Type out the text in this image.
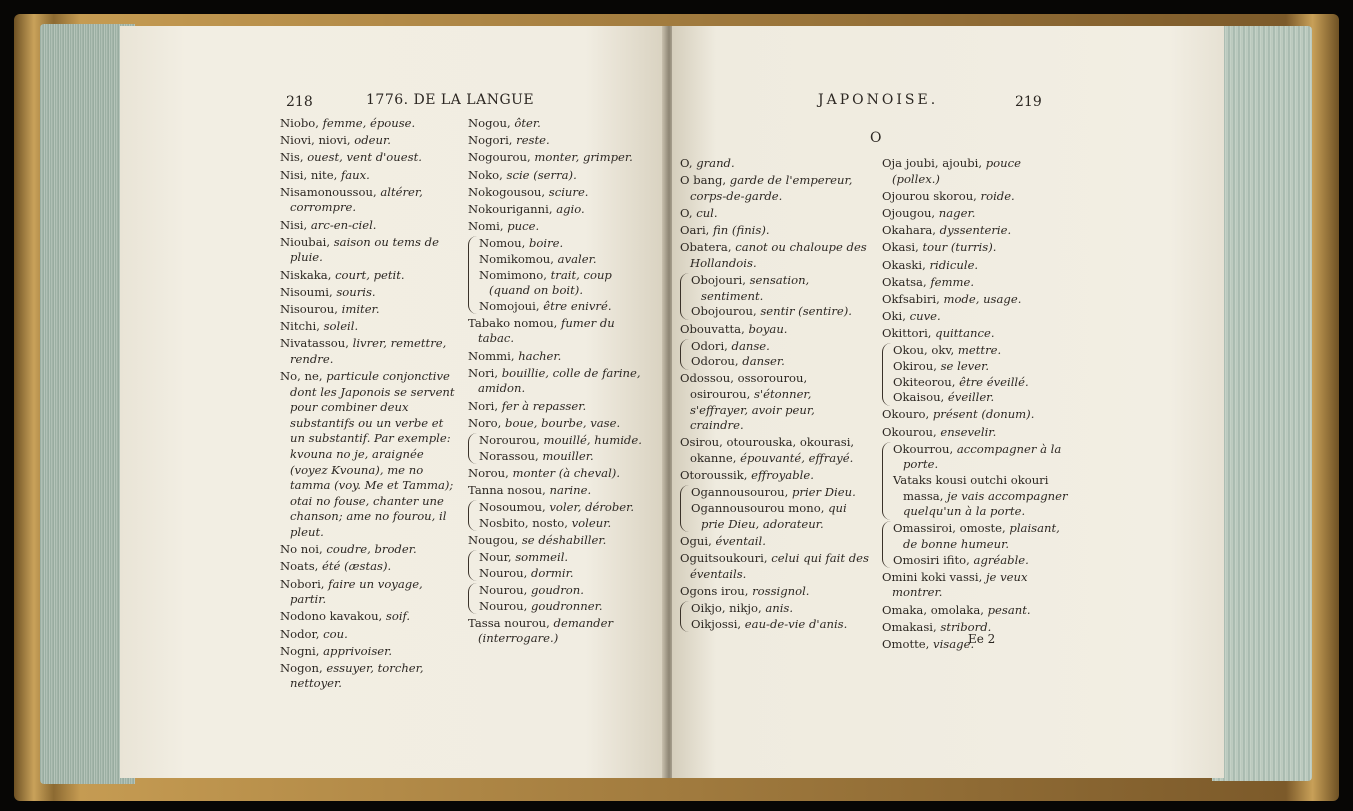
218	1776. DE LA LANGUE
Niobo, femme, épouse.
Niovi, niovi, odeur.
Nis, ouest, vent d'ouest.
Nisi, nite, faux.
Nisamonoussou, altérer, corrompre.
Nisi, arc-en-ciel.
Nioubai, saison ou tems de pluie.
Niskaka, court, petit.
Nisoumi, souris.
Nisourou, imiter.
Nitchi, soleil.
Nivatassou, livrer, remettre, rendre.
No, ne, particule conjonctive dont les Japonois se servent pour combiner deux substantifs ou un verbe et un substantif. Par exemple: kvouna no je, araignée (voyez Kvouna), me no tamma (voy. Me et Tamma); otai no fouse, chanter une chanson; ame no fourou, il pleut.
No noi, coudre, broder.
Noats, été (æstas).
Nobori, faire un voyage, partir.
Nodono kavakou, soif.
Nodor, cou.
Nogni, apprivoiser.
Nogon, essuyer, torcher, nettoyer.
Nogou, ôter.
Nogori, reste.
Nogourou, monter, grimper.
Noko, scie (serra).
Nokogousou, sciure.
Nokouriganni, agio.
Nomi, puce.
Nomou, boire.
Nomikomou, avaler.
Nomimono, trait, coup (quand on boit).
Nomojoui, être enivré.
Tabako nomou, fumer du tabac.
Nommi, hacher.
Nori, bouillie, colle de farine, amidon.
Nori, fer à repasser.
Noro, boue, bourbe, vase.
Norourou, mouillé, humide.
Norassou, mouiller.
Norou, monter (à cheval).
Tanna nosou, narine.
Nosoumou, voler, dérober.
Nosbito, nosto, voleur.
Nougou, se déshabiller.
Nour, sommeil.
Nourou, dormir.
Nourou, goudron.
Nourou, goudronner.
Tassa nourou, demander (interrogare.)
JAPONOISE.	219
O
O, grand.
O bang, garde de l'empereur, corps-de-garde.
O, cul.
Oari, fin (finis).
Obatera, canot ou chaloupe des Hollandois.
Obojouri, sensation, sentiment.
Obojourou, sentir (sentire).
Obouvatta, boyau.
Odori, danse.
Odorou, danser.
Odossou, ossorourou, osirourou, s'étonner, s'effrayer, avoir peur, craindre.
Osirou, otourouska, okourasi, okanne, épouvanté, effrayé.
Otoroussik, effroyable.
Ogannousourou, prier Dieu.
Ogannousourou mono, qui prie Dieu, adorateur.
Ogui, éventail.
Oguitsoukouri, celui qui fait des éventails.
Ogons irou, rossignol.
Oikjo, nikjo, anis.
Oikjossi, eau-de-vie d'anis.
Oja joubi, ajoubi, pouce (pollex.)
Ojourou skorou, roide.
Ojougou, nager.
Okahara, dyssenterie.
Okasi, tour (turris).
Okaski, ridicule.
Okatsa, femme.
Okfsabiri, mode, usage.
Oki, cuve.
Okittori, quittance.
Okou, okv, mettre.
Okirou, se lever.
Okiteorou, être éveillé.
Okaisou, éveiller.
Okouro, présent (donum).
Okourou, ensevelir.
Okourrou, accompagner à la porte.
Vataks kousi outchi okouri massa, je vais accompagner quelqu'un à la porte.
Omassiroi, omoste, plaisant, de bonne humeur.
Omosiri ifito, agréable.
Omini koki vassi, je veux montrer.
Omaka, omolaka, pesant.
Omakasi, stribord.
Omotte, visage.
Ee 2
